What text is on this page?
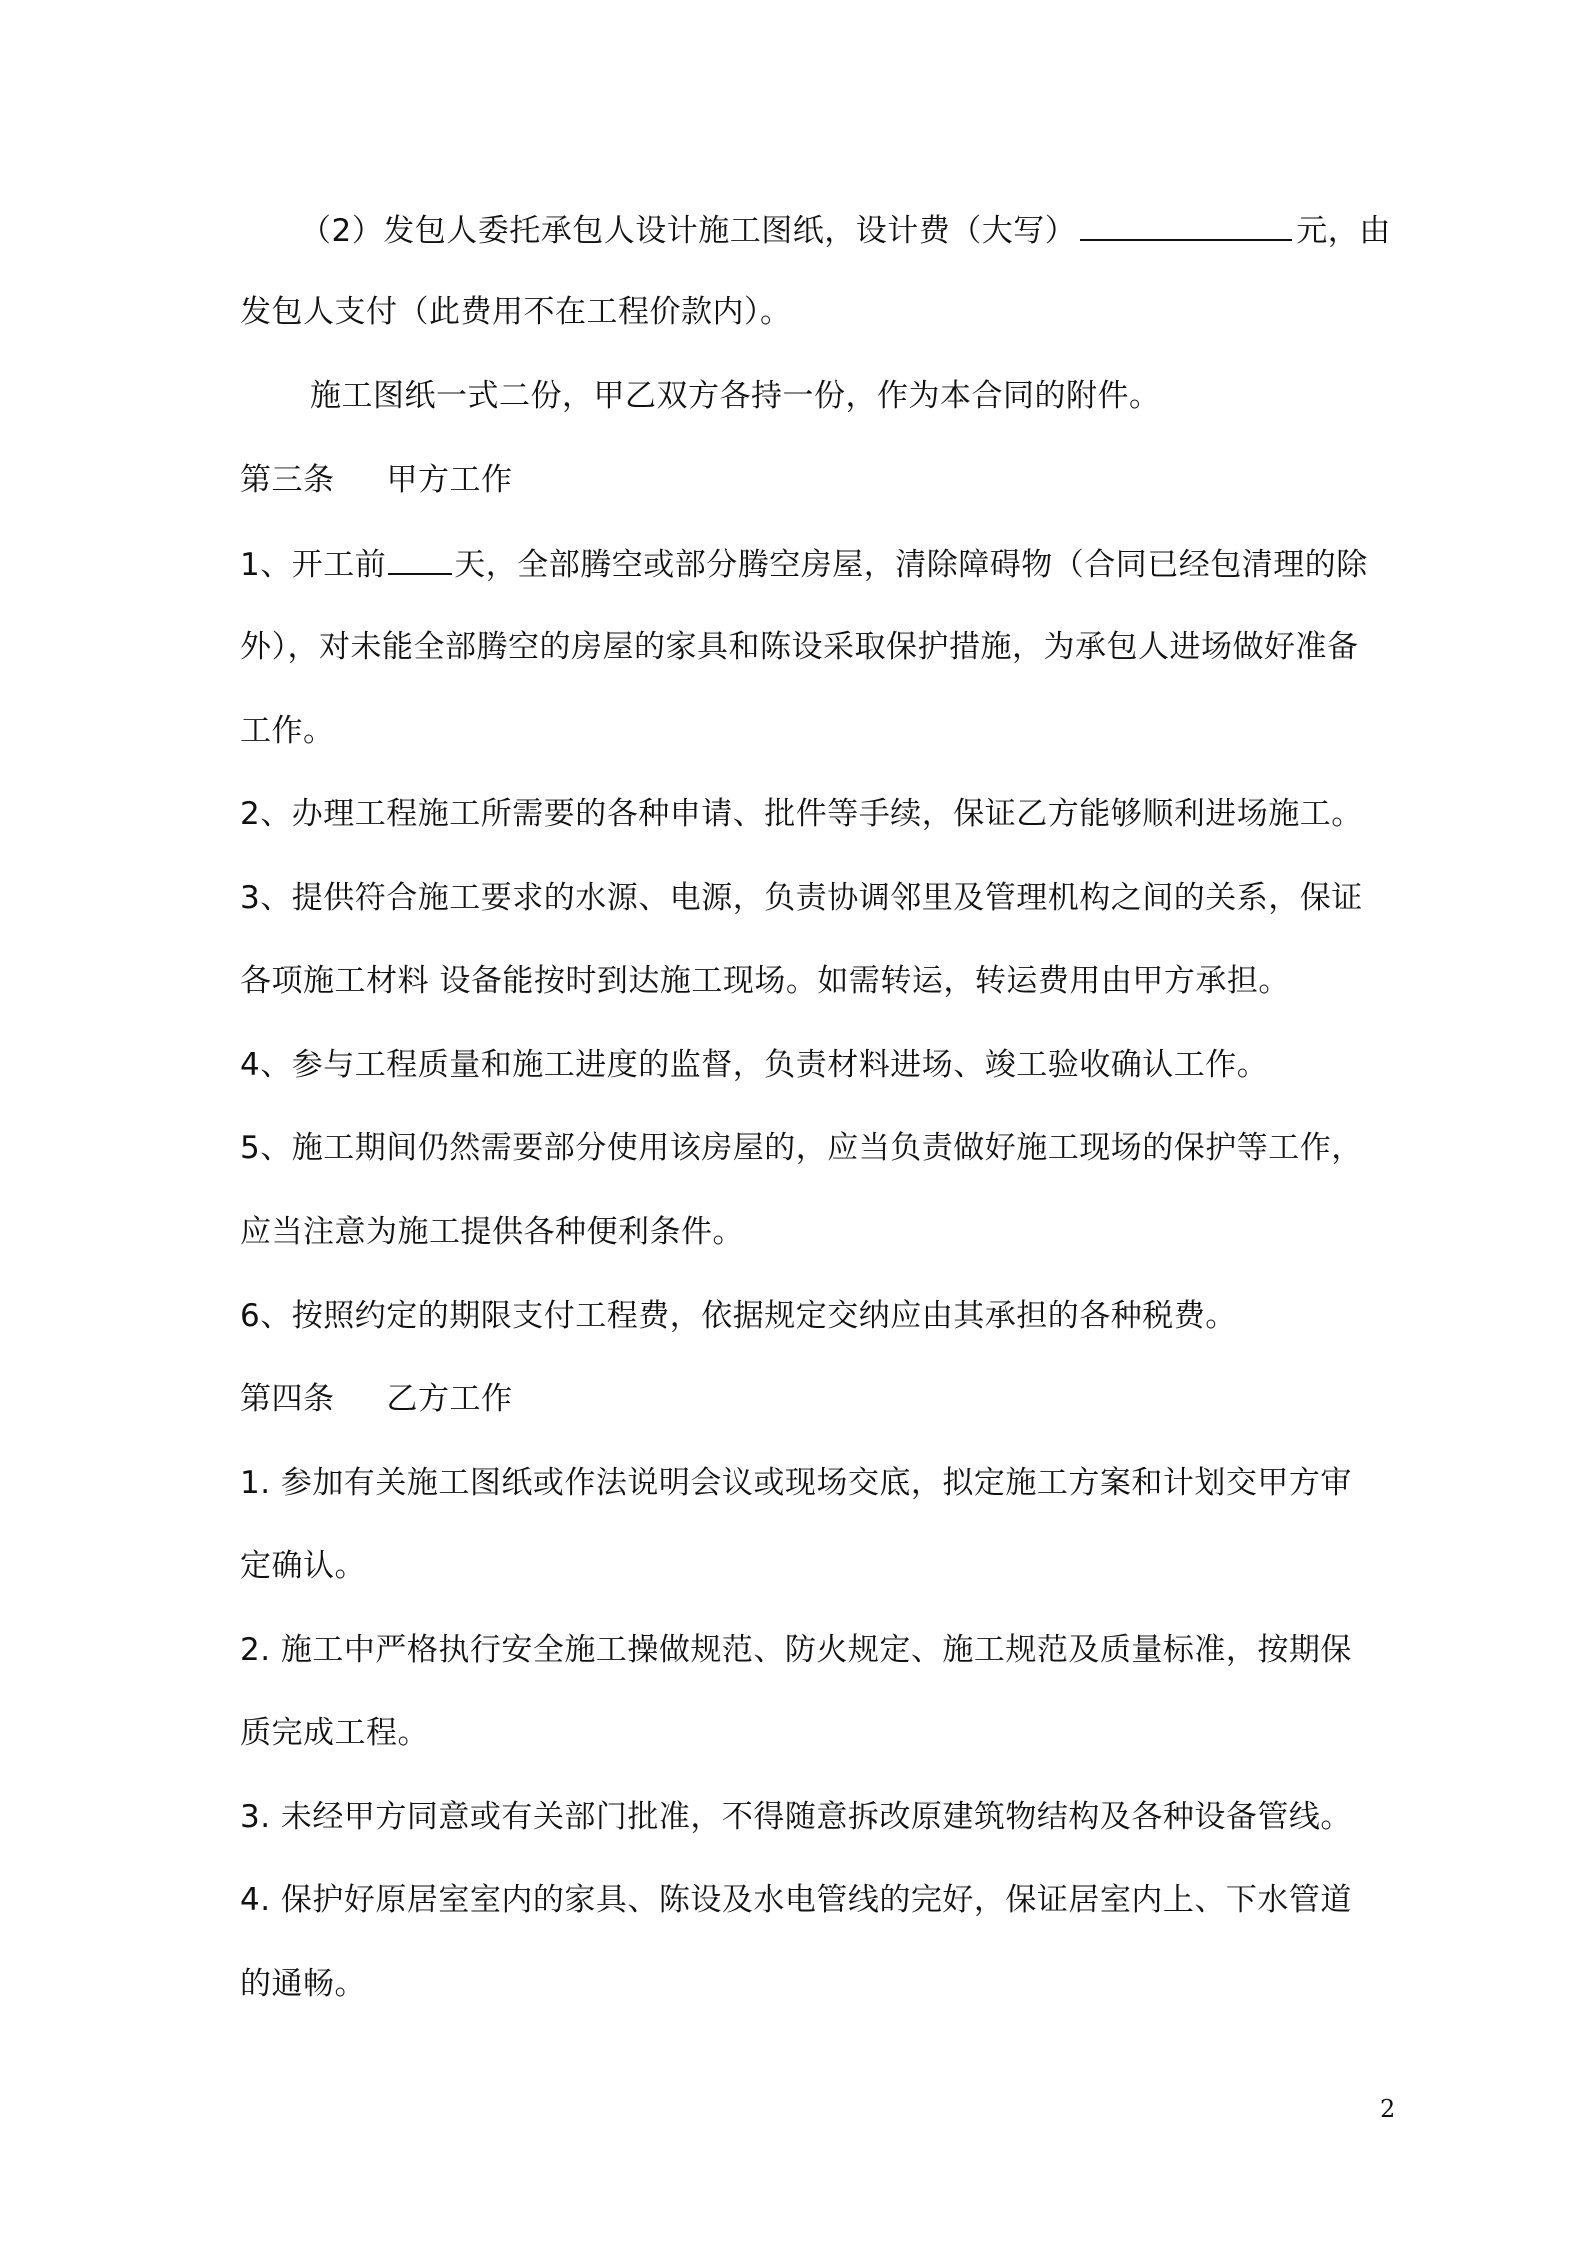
（2）发包人委托承包人设计施工图纸，设计费（大写）	元，由
发包人支付（此费用不在工程价款内）。
施工图纸一式二份，甲乙双方各持一份，作为本合同的附件。
第三条 甲方工作
1、开工前 天，全部腾空或部分腾空房屋，清除障碍物（合同已经包清理的除
外），对未能全部腾空的房屋的家具和陈设采取保护措施，为承包人进场做好准备
工作。
2、办理工程施工所需要的各种申请、批件等手续，保证乙方能够顺利进场施工。
3、提供符合施工要求的水源、电源，负责协调邻里及管理机构之间的关系，保证
各项施工材料 设备能按时到达施工现场。如需转运，转运费用由甲方承担。
4、参与工程质量和施工进度的监督，负责材料进场、竣工验收确认工作。
5、施工期间仍然需要部分使用该房屋的，应当负责做好施工现场的保护等工作，
应当注意为施工提供各种便利条件。
6、按照约定的期限支付工程费，依据规定交纳应由其承担的各种税费。
第四条 乙方工作
1. 参加有关施工图纸或作法说明会议或现场交底，拟定施工方案和计划交甲方审
定确认。
2. 施工中严格执行安全施工操做规范、防火规定、施工规范及质量标准，按期保
质完成工程。
3. 未经甲方同意或有关部门批准，不得随意拆改原建筑物结构及各种设备管线。
4. 保护好原居室室内的家具、陈设及水电管线的完好，保证居室内上、下水管道
的通畅。
2
